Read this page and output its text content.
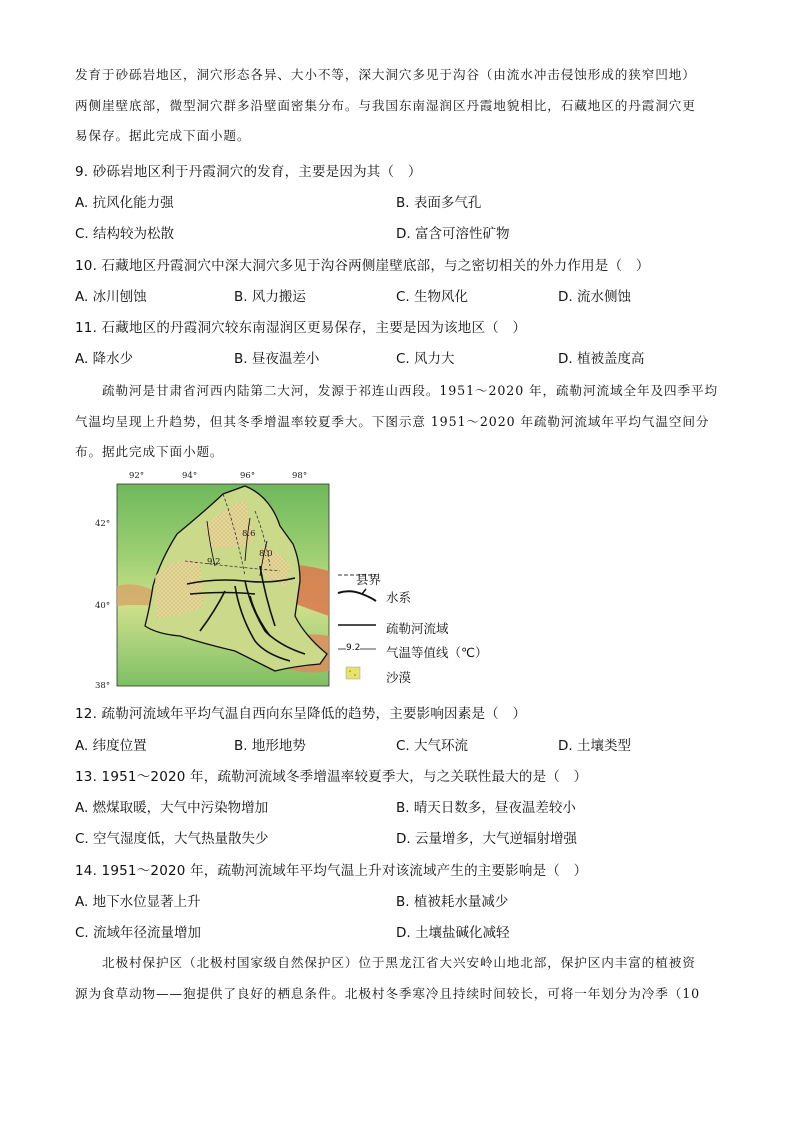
发育于砂砾岩地区，洞穴形态各异、大小不等，深大洞穴多见于沟谷（由流水冲击侵蚀形成的狭窄凹地）
两侧崖壁底部，微型洞穴群多沿壁面密集分布。与我国东南湿润区丹霞地貌相比，石藏地区的丹霞洞穴更
易保存。据此完成下面小题。
9. 砂砾岩地区利于丹霞洞穴的发育，主要是因为其（　）
A. 抗风化能力强	B. 表面多气孔
C. 结构较为松散	D. 富含可溶性矿物
10. 石藏地区丹霞洞穴中深大洞穴多见于沟谷两侧崖壁底部，与之密切相关的外力作用是（　）
A. 冰川刨蚀	B. 风力搬运	C. 生物风化	D. 流水侧蚀
11. 石藏地区的丹霞洞穴较东南湿润区更易保存，主要是因为该地区（　）
A. 降水少	B. 昼夜温差小	C. 风力大	D. 植被盖度高
疏勒河是甘肃省河西内陆第二大河，发源于祁连山西段。1951～2020 年，疏勒河流域全年及四季平均
气温均呈现上升趋势，但其冬季增温率较夏季大。下图示意 1951～2020 年疏勒河流域年平均气温空间分
布。据此完成下面小题。
92°	94°	96°	98°
42°
40°
38°
9.2
8.6
8.0
县界
水系
疏勒河流域
9.2 气温等值线（℃）
沙漠
12. 疏勒河流域年平均气温自西向东呈降低的趋势，主要影响因素是（　）
A. 纬度位置	B. 地形地势	C. 大气环流	D. 土壤类型
13. 1951～2020 年，疏勒河流域冬季增温率较夏季大，与之关联性最大的是（　）
A. 燃煤取暖，大气中污染物增加	B. 晴天日数多，昼夜温差较小
C. 空气湿度低，大气热量散失少	D. 云量增多，大气逆辐射增强
14. 1951～2020 年，疏勒河流域年平均气温上升对该流域产生的主要影响是（　）
A. 地下水位显著上升	B. 植被耗水量减少
C. 流域年径流量增加	D. 土壤盐碱化减轻
北极村保护区（北极村国家级自然保护区）位于黑龙江省大兴安岭山地北部，保护区内丰富的植被资
源为食草动物——狍提供了良好的栖息条件。北极村冬季寒冷且持续时间较长，可将一年划分为冷季（10
